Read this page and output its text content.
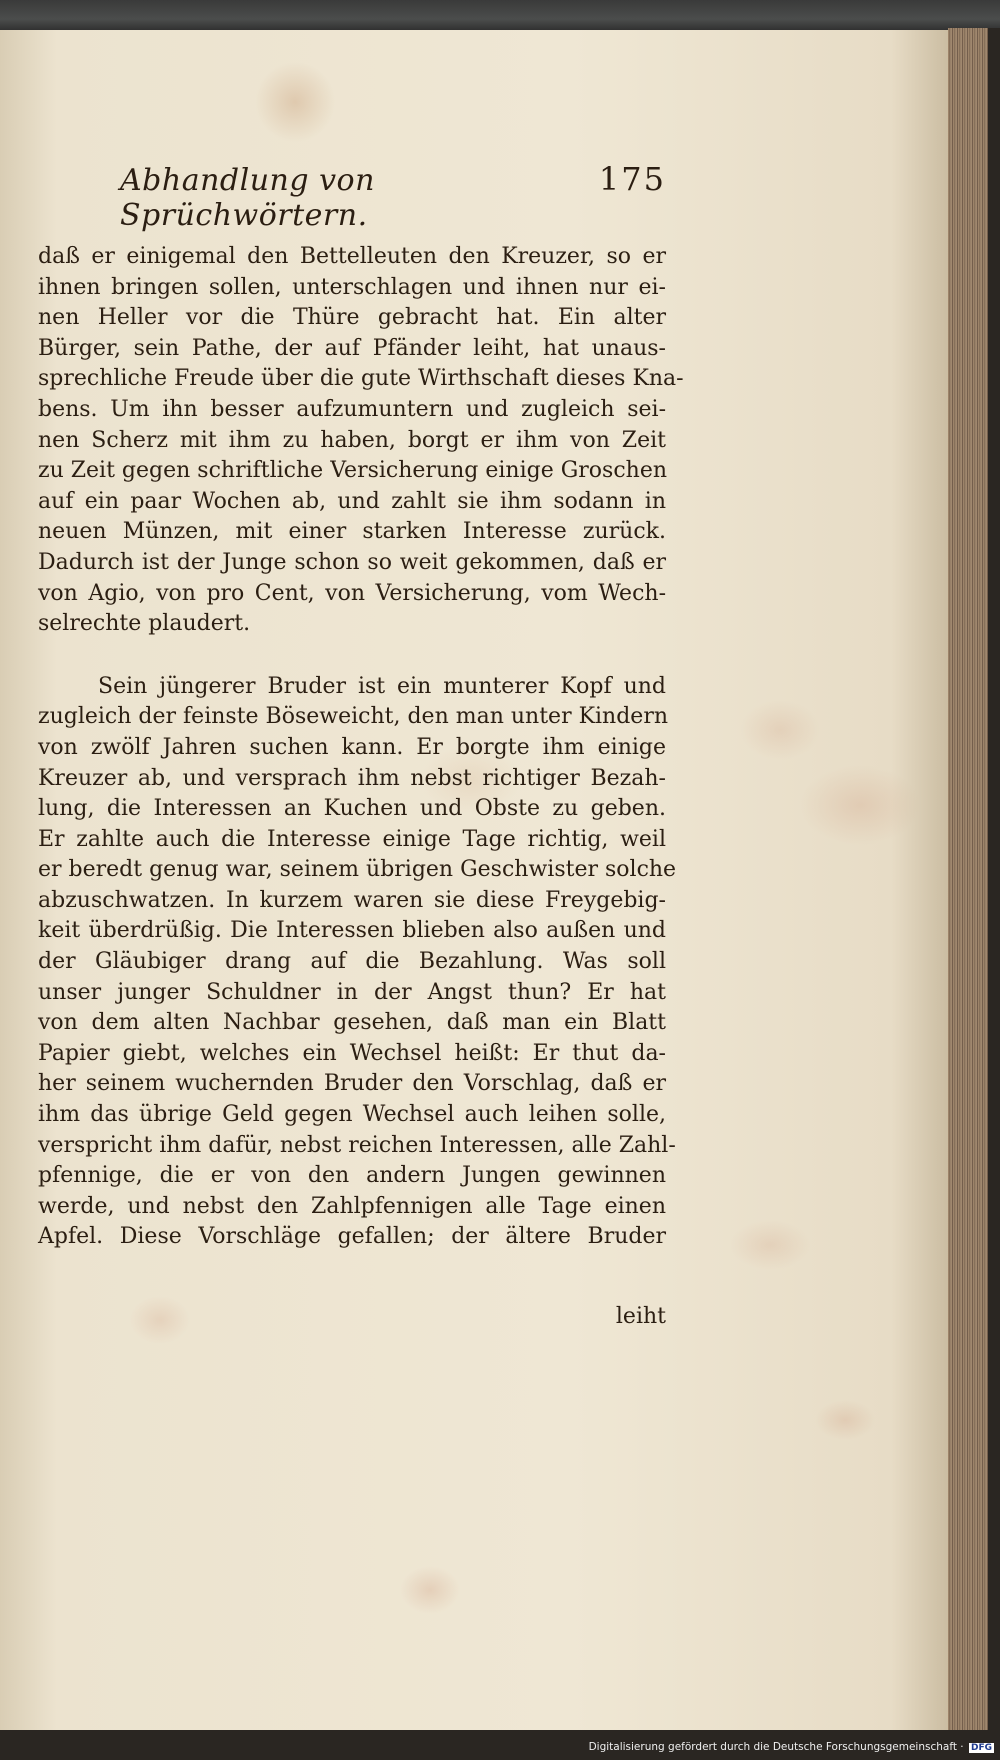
Abhandlung von Sprüchwörtern.
175
daß er einigemal den Bettelleuten den Kreuzer, so er
ihnen bringen sollen, unterschlagen und ihnen nur ei-
nen Heller vor die Thüre gebracht hat. Ein alter
Bürger, sein Pathe, der auf Pfänder leiht, hat unaus-
sprechliche Freude über die gute Wirthschaft dieses Kna-
bens. Um ihn besser aufzumuntern und zugleich sei-
nen Scherz mit ihm zu haben, borgt er ihm von Zeit
zu Zeit gegen schriftliche Versicherung einige Groschen
auf ein paar Wochen ab, und zahlt sie ihm sodann in
neuen Münzen, mit einer starken Interesse zurück.
Dadurch ist der Junge schon so weit gekommen, daß er
von Agio, von pro Cent, von Versicherung, vom Wech-
selrechte plaudert.
Sein jüngerer Bruder ist ein munterer Kopf und
zugleich der feinste Böseweicht, den man unter Kindern
von zwölf Jahren suchen kann. Er borgte ihm einige
Kreuzer ab, und versprach ihm nebst richtiger Bezah-
lung, die Interessen an Kuchen und Obste zu geben.
Er zahlte auch die Interesse einige Tage richtig, weil
er beredt genug war, seinem übrigen Geschwister solche
abzuschwatzen. In kurzem waren sie diese Freygebig-
keit überdrüßig. Die Interessen blieben also außen und
der Gläubiger drang auf die Bezahlung. Was soll
unser junger Schuldner in der Angst thun? Er hat
von dem alten Nachbar gesehen, daß man ein Blatt
Papier giebt, welches ein Wechsel heißt: Er thut da-
her seinem wuchernden Bruder den Vorschlag, daß er
ihm das übrige Geld gegen Wechsel auch leihen solle,
verspricht ihm dafür, nebst reichen Interessen, alle Zahl-
pfennige, die er von den andern Jungen gewinnen
werde, und nebst den Zahlpfennigen alle Tage einen
Apfel. Diese Vorschläge gefallen; der ältere Bruder
leiht
Digitalisierung gefördert durch die Deutsche Forschungsgemeinschaft · DFG
